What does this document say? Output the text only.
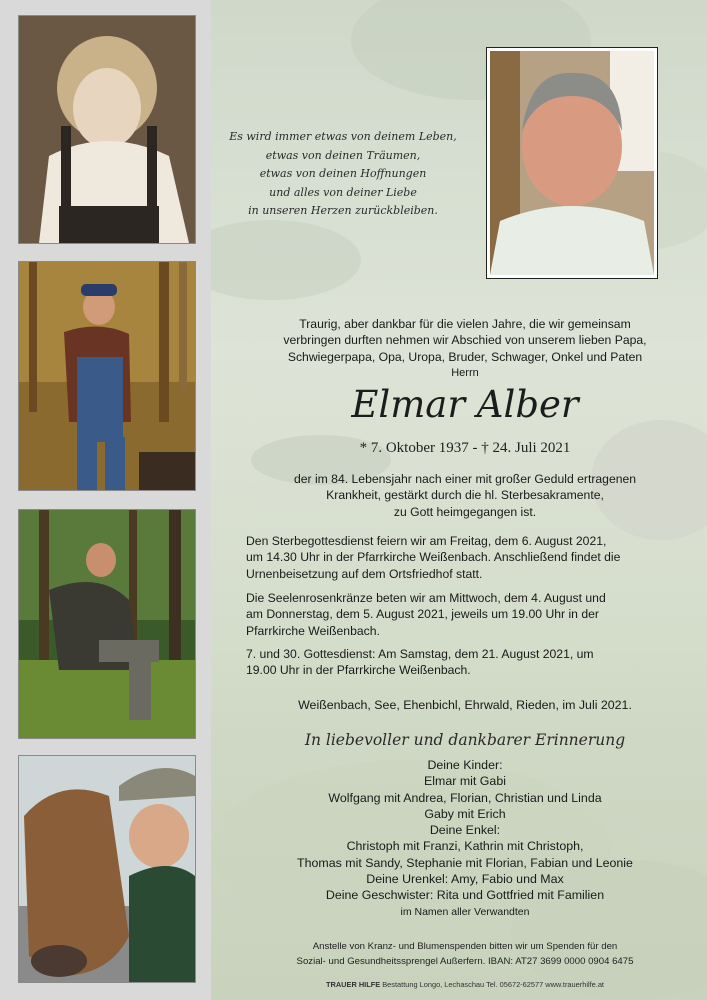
Es wird immer etwas von deinem Leben,
etwas von deinen Träumen,
etwas von deinen Hoffnungen
und alles von deiner Liebe
in unseren Herzen zurückbleiben.
Traurig, aber dankbar für die vielen Jahre, die wir gemeinsam
verbringen durften nehmen wir Abschied von unserem lieben Papa,
Schwiegerpapa, Opa, Uropa, Bruder, Schwager, Onkel und Paten
Herrn
Elmar Alber
* 7. Oktober 1937 - † 24. Juli 2021
der im 84. Lebensjahr nach einer mit großer Geduld ertragenen
Krankheit, gestärkt durch die hl. Sterbesakramente,
zu Gott heimgegangen ist.
Den Sterbegottesdienst feiern wir am Freitag, dem 6. August 2021,
um 14.30 Uhr in der Pfarrkirche Weißenbach. Anschließend findet die
Urnenbeisetzung auf dem Ortsfriedhof statt.
Die Seelenrosenkränze beten wir am Mittwoch, dem 4. August und
am Donnerstag, dem 5. August 2021, jeweils um 19.00 Uhr in der
Pfarrkirche Weißenbach.
7. und 30. Gottesdienst: Am Samstag, dem 21. August 2021, um
19.00 Uhr in der Pfarrkirche Weißenbach.
Weißenbach, See, Ehenbichl, Ehrwald, Rieden, im Juli 2021.
In liebevoller und dankbarer Erinnerung
Deine Kinder:
Elmar mit Gabi
Wolfgang mit Andrea, Florian, Christian und Linda
Gaby mit Erich
Deine Enkel:
Christoph mit Franzi, Kathrin mit Christoph,
Thomas mit Sandy, Stephanie mit Florian, Fabian und Leonie
Deine Urenkel: Amy, Fabio und Max
Deine Geschwister: Rita und Gottfried mit Familien
im Namen aller Verwandten
Anstelle von Kranz- und Blumenspenden bitten wir um Spenden für den
Sozial- und Gesundheitssprengel Außerfern. IBAN: AT27 3699 0000 0904 6475
TRAUER HILFE Bestattung Longo, Lechaschau Tel. 05672-62577 www.trauerhilfe.at
